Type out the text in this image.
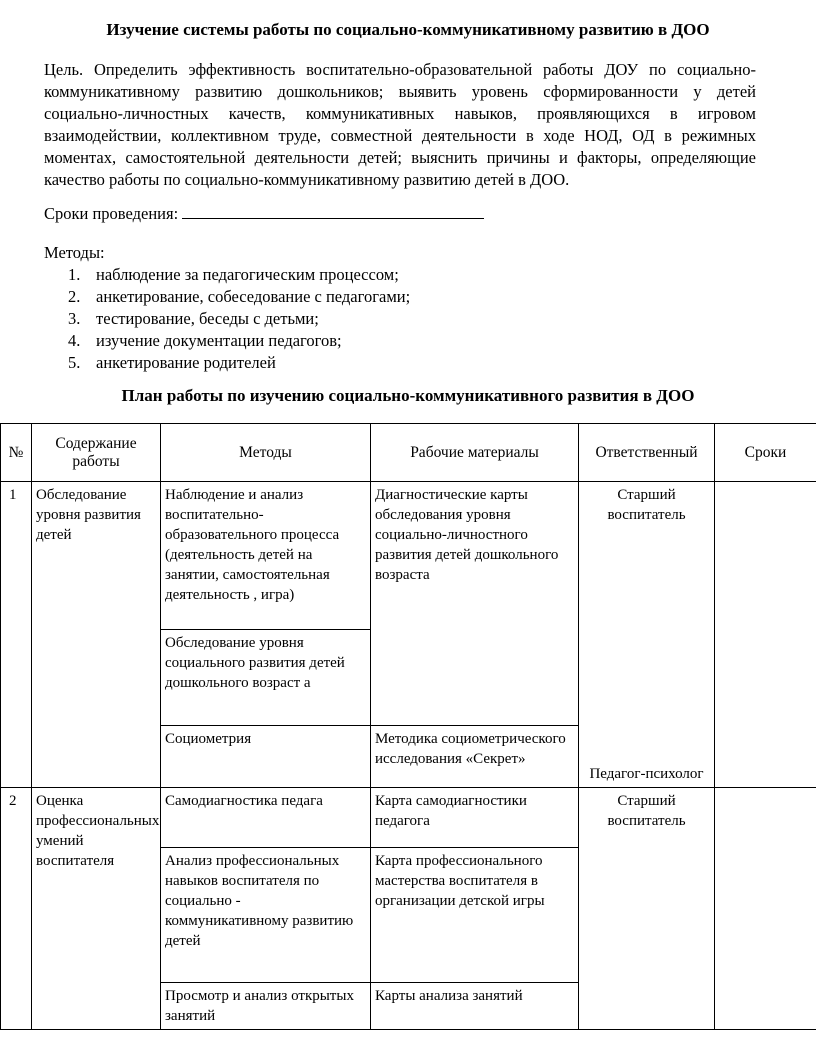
Изучение системы работы по социально-коммуникативному развитию в ДОО
Цель. Определить эффективность воспитательно-образовательной работы ДОУ по социально-коммуникативному развитию дошкольников; выявить уровень сформированности у детей социально-личностных качеств, коммуникативных навыков, проявляющихся в игровом взаимодействии, коллективном труде, совместной деятельности в ходе НОД, ОД в режимных моментах, самостоятельной деятельности детей; выяснить причины и факторы, определяющие качество работы по социально-коммуникативному развитию детей в ДОО.
Сроки проведения:
Методы:
1. наблюдение за педагогическим процессом;
2. анкетирование, собеседование с педагогами;
3. тестирование, беседы с детьми;
4. изучение документации педагогов;
5. анкетирование родителей
План работы по изучению социально-коммуникативного развития в ДОО
№	Содержание работы	Методы	Рабочие материалы	Ответственный	Сроки

1	Обследование уровня развития детей	Наблюдение и анализ воспитательно-образовательного процесса (деятельность детей на занятии, самостоятельная деятельность , игра)	Диагностические карты обследования уровня социально-личностного развития детей дошкольного возраста	Старший воспитатель
Педагог-психолог	

		Обследование уровня социального развития детей дошкольного возраст а			

		Социометрия	Методика социометрического исследования «Секрет»		

2	Оценка профессиональных умений воспитателя	Самодиагностика педага	Карта самодиагностики педагога	Старший воспитатель	

		Анализ профессиональных навыков воспитателя по социально - коммуникативному развитию детей	Карта профессионального мастерства воспитателя в организации детской игры		

		Просмотр и анализ открытых занятий	Карты анализа занятий		
